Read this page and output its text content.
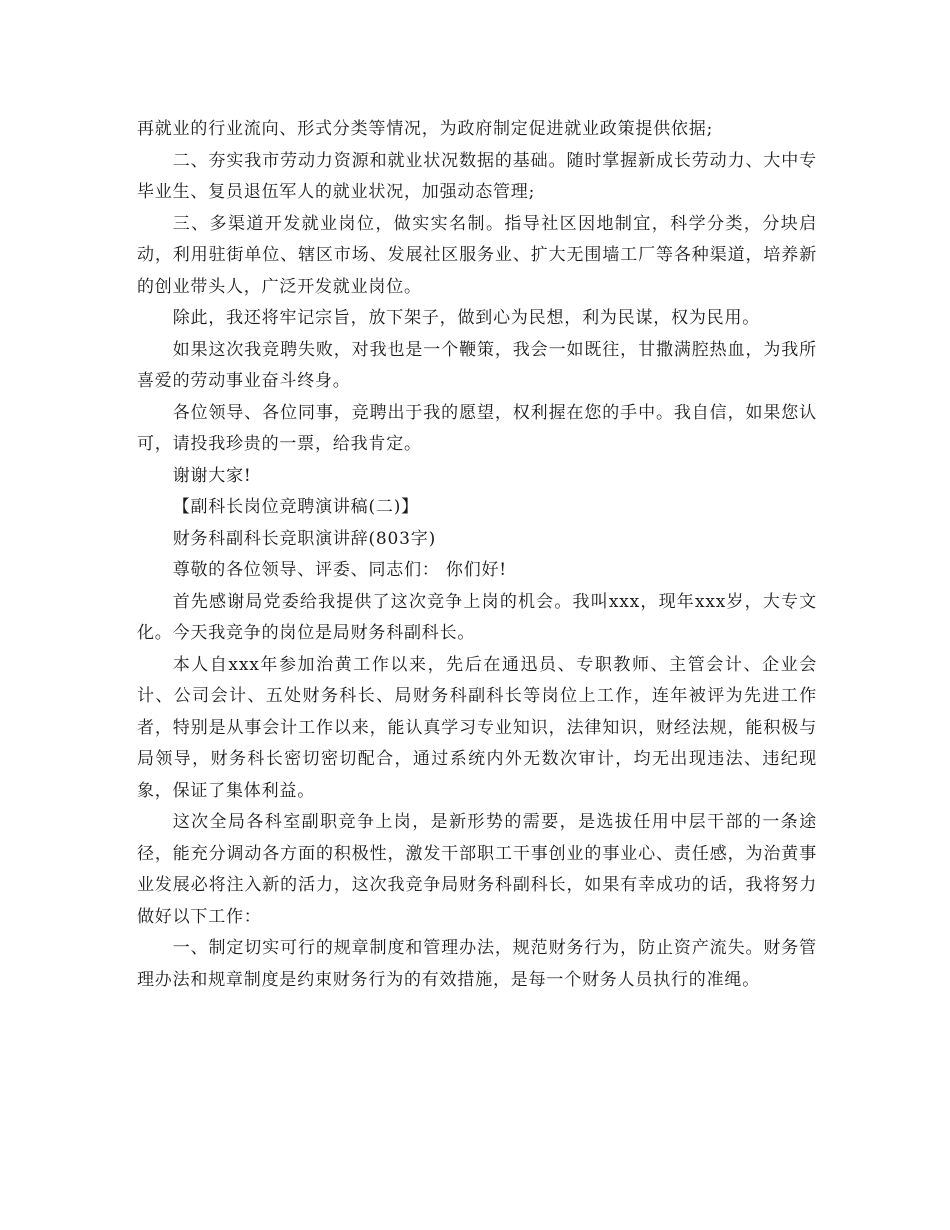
再就业的行业流向、形式分类等情况，为政府制定促进就业政策提供依据;

二、夯实我市劳动力资源和就业状况数据的基础。随时掌握新成长劳动力、大中专毕业生、复员退伍军人的就业状况，加强动态管理;

三、多渠道开发就业岗位，做实实名制。指导社区因地制宜，科学分类，分块启动，利用驻街单位、辖区市场、发展社区服务业、扩大无围墙工厂等各种渠道，培养新的创业带头人，广泛开发就业岗位。

除此，我还将牢记宗旨，放下架子，做到心为民想，利为民谋，权为民用。

如果这次我竞聘失败，对我也是一个鞭策，我会一如既往，甘撒满腔热血，为我所喜爱的劳动事业奋斗终身。

各位领导、各位同事，竞聘出于我的愿望，权利握在您的手中。我自信，如果您认可，请投我珍贵的一票，给我肯定。

谢谢大家!

【副科长岗位竞聘演讲稿(二)】

财务科副科长竞职演讲辞(803字)

尊敬的各位领导、评委、同志们： 你们好!

首先感谢局党委给我提供了这次竞争上岗的机会。我叫xxx，现年xxx岁，大专文化。今天我竞争的岗位是局财务科副科长。

本人自xxx年参加治黄工作以来，先后在通迅员、专职教师、主管会计、企业会计、公司会计、五处财务科长、局财务科副科长等岗位上工作，连年被评为先进工作者，特别是从事会计工作以来，能认真学习专业知识，法律知识，财经法规，能积极与局领导，财务科长密切密切配合，通过系统内外无数次审计，均无出现违法、违纪现象，保证了集体利益。

这次全局各科室副职竞争上岗，是新形势的需要，是选拔任用中层干部的一条途径，能充分调动各方面的积极性，激发干部职工干事创业的事业心、责任感，为治黄事业发展必将注入新的活力，这次我竞争局财务科副科长，如果有幸成功的话，我将努力做好以下工作：

一、制定切实可行的规章制度和管理办法，规范财务行为，防止资产流失。财务管理办法和规章制度是约束财务行为的有效措施，是每一个财务人员执行的准绳。
